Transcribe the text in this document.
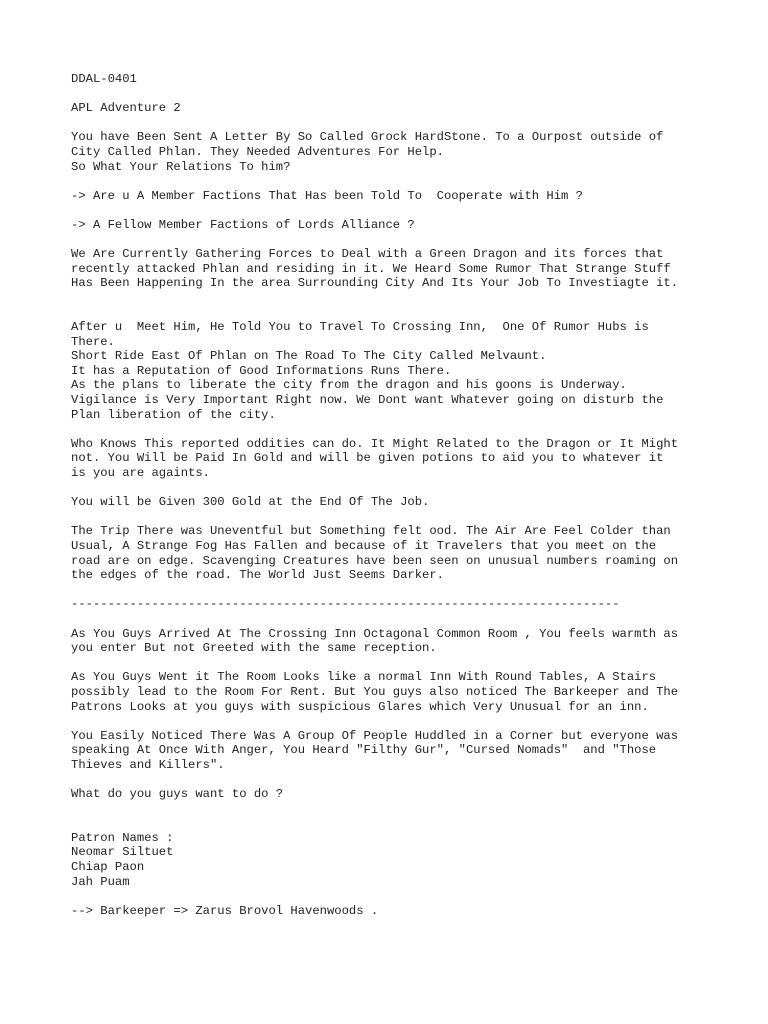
DDAL-0401
APL Adventure 2
You have Been Sent A Letter By So Called Grock HardStone. To a Ourpost outside of
City Called Phlan. They Needed Adventures For Help.
So What Your Relations To him?
-> Are u A Member Factions That Has been Told To  Cooperate with Him ?
-> A Fellow Member Factions of Lords Alliance ?
We Are Currently Gathering Forces to Deal with a Green Dragon and its forces that
recently attacked Phlan and residing in it. We Heard Some Rumor That Strange Stuff
Has Been Happening In the area Surrounding City And Its Your Job To Investiagte it.
After u  Meet Him, He Told You to Travel To Crossing Inn,  One Of Rumor Hubs is
There.
Short Ride East Of Phlan on The Road To The City Called Melvaunt.
It has a Reputation of Good Informations Runs There.
As the plans to liberate the city from the dragon and his goons is Underway.
Vigilance is Very Important Right now. We Dont want Whatever going on disturb the
Plan liberation of the city.
Who Knows This reported oddities can do. It Might Related to the Dragon or It Might
not. You Will be Paid In Gold and will be given potions to aid you to whatever it
is you are againts.
You will be Given 300 Gold at the End Of The Job.
The Trip There was Uneventful but Something felt ood. The Air Are Feel Colder than
Usual, A Strange Fog Has Fallen and because of it Travelers that you meet on the
road are on edge. Scavenging Creatures have been seen on unusual numbers roaming on
the edges of the road. The World Just Seems Darker.
---------------------------------------------------------------------------
As You Guys Arrived At The Crossing Inn Octagonal Common Room , You feels warmth as
you enter But not Greeted with the same reception.
As You Guys Went it The Room Looks like a normal Inn With Round Tables, A Stairs
possibly lead to the Room For Rent. But You guys also noticed The Barkeeper and The
Patrons Looks at you guys with suspicious Glares which Very Unusual for an inn.
You Easily Noticed There Was A Group Of People Huddled in a Corner but everyone was
speaking At Once With Anger, You Heard "Filthy Gur", "Cursed Nomads"  and "Those
Thieves and Killers".
What do you guys want to do ?
Patron Names :
Neomar Siltuet
Chiap Paon
Jah Puam
--> Barkeeper => Zarus Brovol Havenwoods .
